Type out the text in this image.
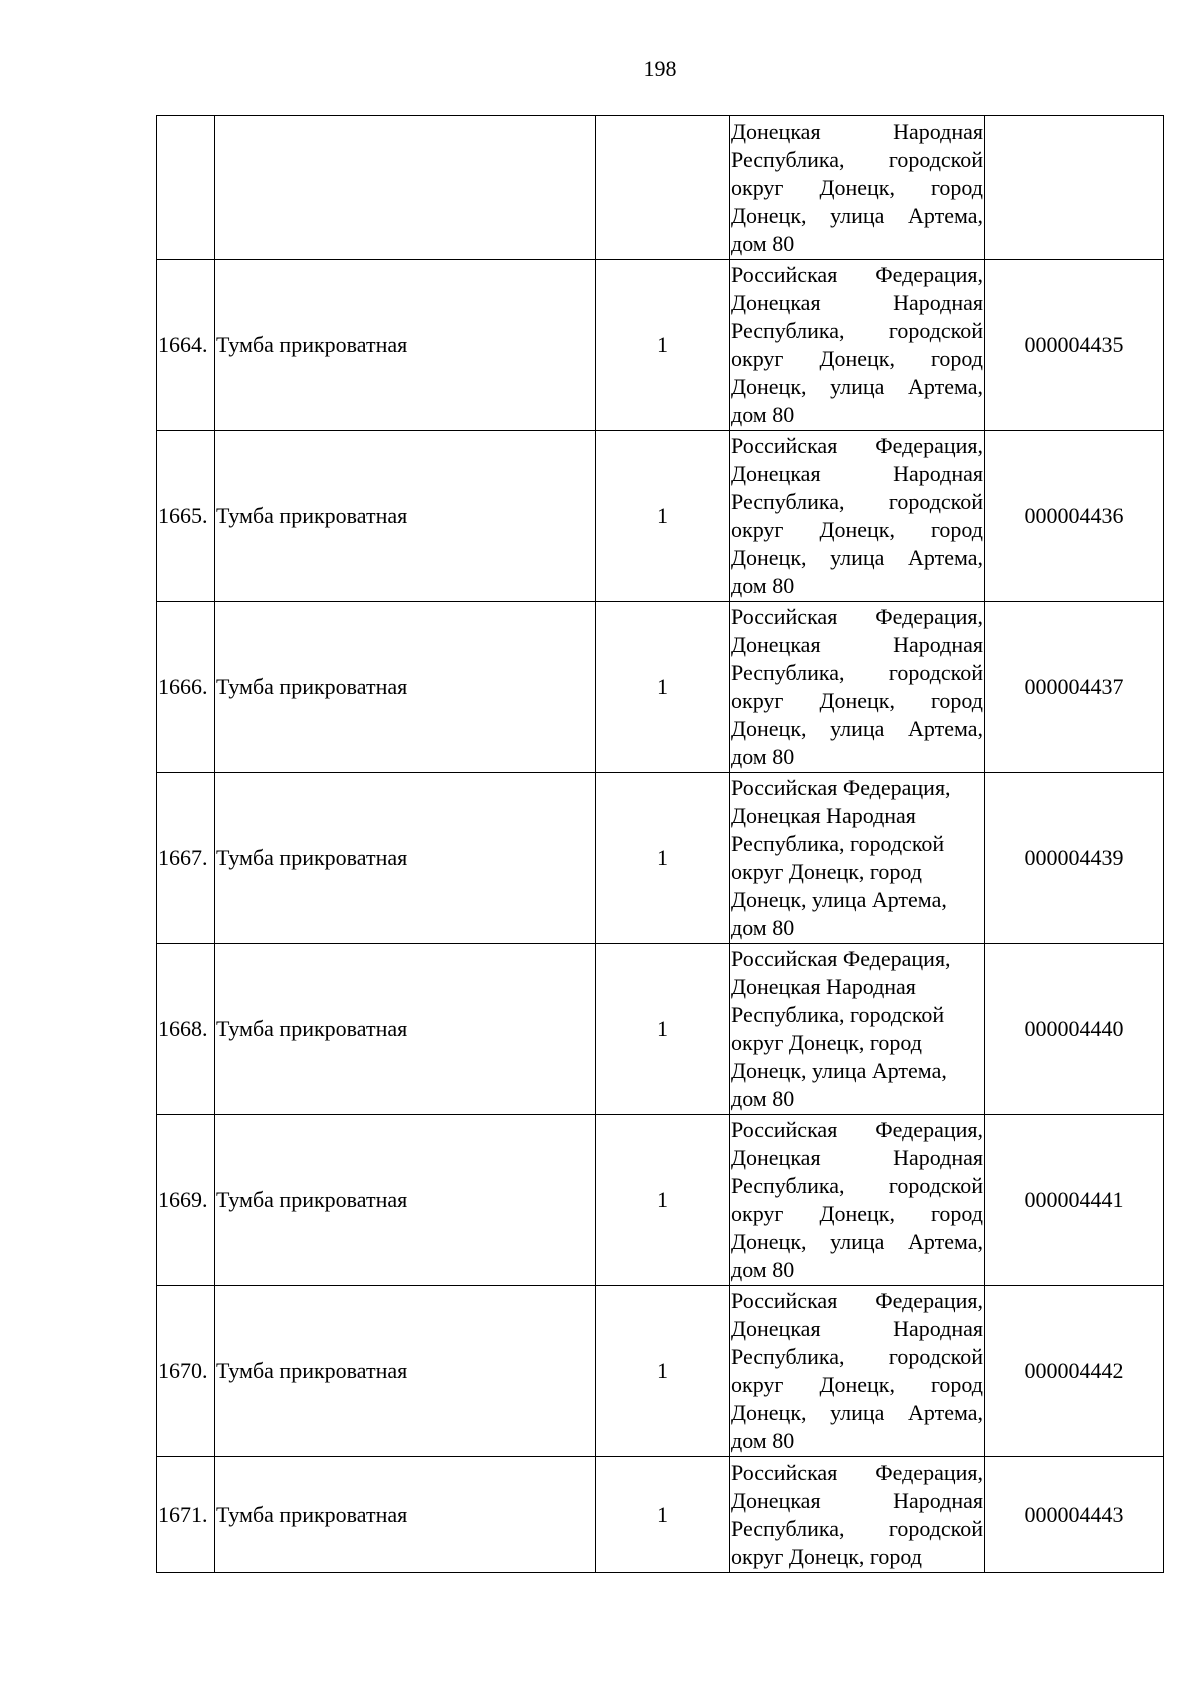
198

			Донецкая Народная Республика, городской округ Донецк, город Донецк, улица Артема, дом 80	

1664.	Тумба прикроватная	1	Российская Федерация, Донецкая Народная Республика, городской округ Донецк, город Донецк, улица Артема, дом 80	000004435
1665.	Тумба прикроватная	1	Российская Федерация, Донецкая Народная Республика, городской округ Донецк, город Донецк, улица Артема, дом 80	000004436
1666.	Тумба прикроватная	1	Российская Федерация, Донецкая Народная Республика, городской округ Донецк, город Донецк, улица Артема, дом 80	000004437
1667.	Тумба прикроватная	1	Российская Федерация, Донецкая Народная Республика, городской округ Донецк, город Донецк, улица Артема, дом 80	000004439
1668.	Тумба прикроватная	1	Российская Федерация, Донецкая Народная Республика, городской округ Донецк, город Донецк, улица Артема, дом 80	000004440
1669.	Тумба прикроватная	1	Российская Федерация, Донецкая Народная Республика, городской округ Донецк, город Донецк, улица Артема, дом 80	000004441
1670.	Тумба прикроватная	1	Российская Федерация, Донецкая Народная Республика, городской округ Донецк, город Донецк, улица Артема, дом 80	000004442
1671.	Тумба прикроватная	1	Российская Федерация, Донецкая Народная Республика, городской округ Донецк, город	000004443
